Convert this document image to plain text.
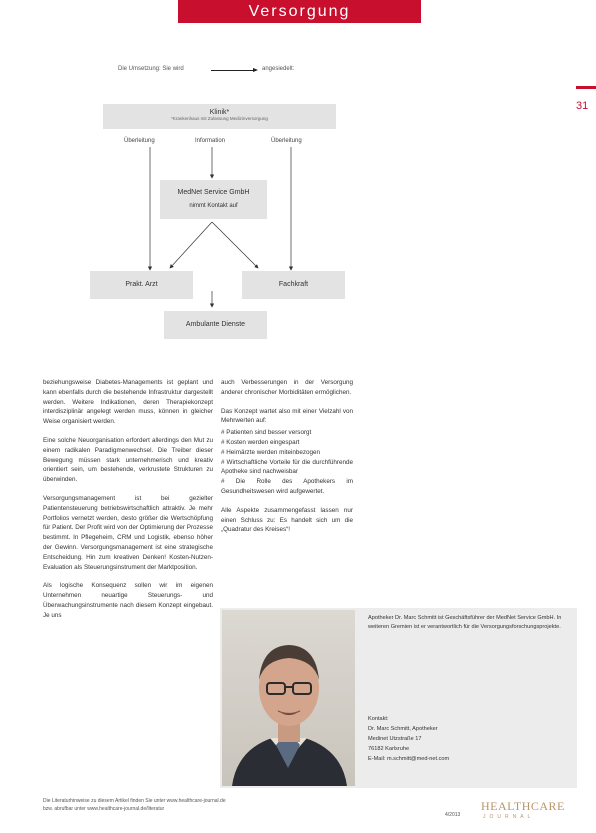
Versorgung
31
Die Umsetzung: Sie wird	angesiedelt:
Klinik*
*Krankenhaus mit Zulassung Medizinversorgung
Überleitung	Information	Überleitung
MedNet Service GmbH
nimmt Kontakt auf
Prakt. Arzt	Fachkraft
Ambulante Dienste

beziehungsweise Diabetes-Managements ist geplant und kann ebenfalls durch die bestehende Infrastruktur dargestellt werden. Weitere Indikationen, deren Therapiekonzept interdisziplinär angelegt werden muss, können in gleicher Weise organisiert werden.

Eine solche Neuorganisation erfordert allerdings den Mut zu einem radikalen Paradigmenwechsel. Die Treiber dieser Bewegung müssen stark unternehmerisch und kreativ orientiert sein, um bestehende, verkrustete Strukturen zu überwinden.

Versorgungsmanagement ist bei gezielter Patientensteuerung betriebswirtschaftlich attraktiv. Je mehr Portfolios vernetzt werden, desto größer die Wertschöpfung für Patient. Der Profit wird von der Optimierung der Prozesse bestimmt. In Pflegeheim, CRM und Logistik, ebenso höher der Gewinn. Versorgungsmanagement ist eine strategische Entscheidung. Hin zum kreativen Denken! Kosten-Nutzen-Evaluation als Steuerungsinstrument der Marktposition.

Als logische Konsequenz sollen wir im eigenen Unternehmen neuartige Steuerungs- und Überwachungsinstrumente nach diesem Konzept eingebaut. Je uns

auch Verbesserungen in der Versorgung anderer chronischer Morbiditäten ermöglichen.

Das Konzept wartet also mit einer Vielzahl von Mehrwerten auf:

# Patienten sind besser versorgt
# Kosten werden eingespart
# Heimärzte werden miteinbezogen
# Wirtschaftliche Vorteile für die durchführende Apotheke sind nachweisbar
# Die Rolle des Apothekers im Gesundheitswesen wird aufgewertet.

Alle Aspekte zusammengefasst lassen nur einen Schluss zu: Es handelt sich um die „Quadratur des Kreises“!

Apotheker Dr. Marc Schmitt ist Geschäftsführer der MedNet Service GmbH. In weiteren Gremien ist er verantwortlich für die Versorgungsforschungsprojekte.
Kontakt:
Dr. Marc Schmitt, Apotheker
Medinet Utzstraße 17
76182 Karlsruhe
E-Mail: m.schmitt@med-net.com
Die Literaturhinweise zu diesem Artikel finden Sie unter www.healthcare-journal.de
bzw. abrufbar unter www.healthcare-journal.de/literatur
4/2013
HEALTHCARE
JOURNAL
